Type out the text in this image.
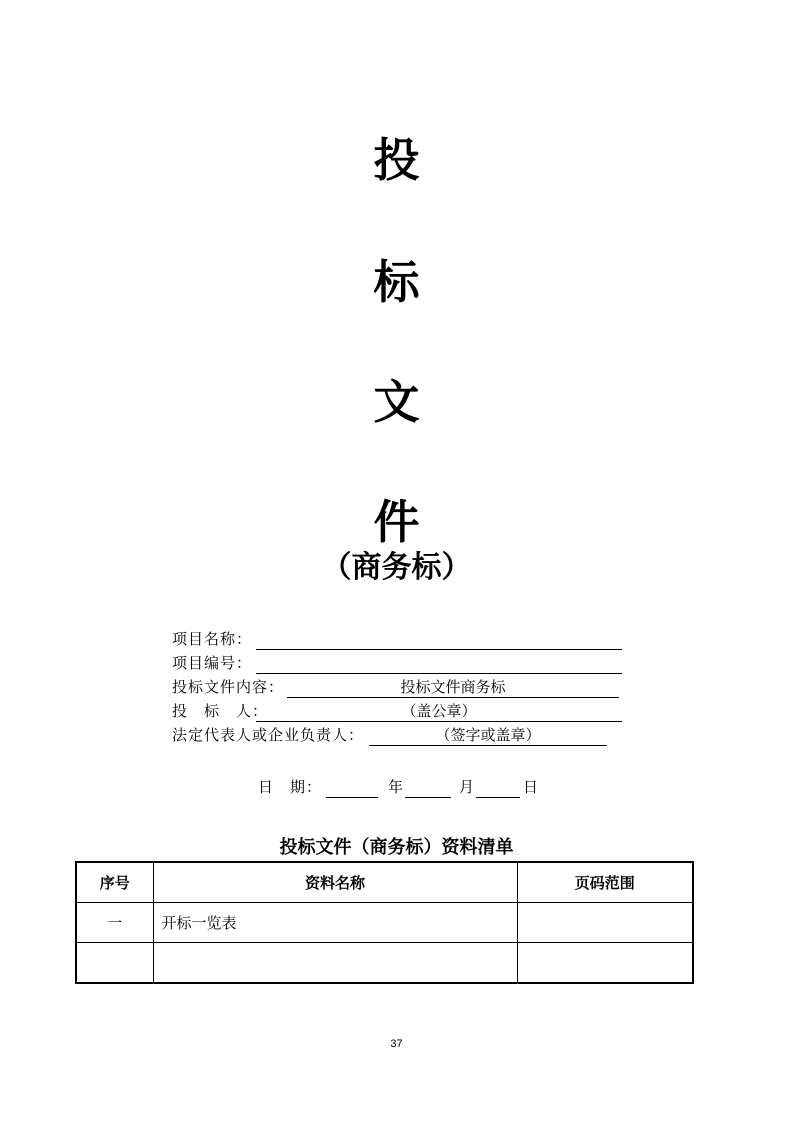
投
标
文
件
（商务标）
项目名称：
项目编号：
投标文件内容：	投标文件商务标
投　标　人：	（盖公章）
法定代表人或企业负责人：	（签字或盖章）
日　期：	年	月	日
投标文件（商务标）资料清单
序号	资料名称	页码范围
一	开标一览表	

37
